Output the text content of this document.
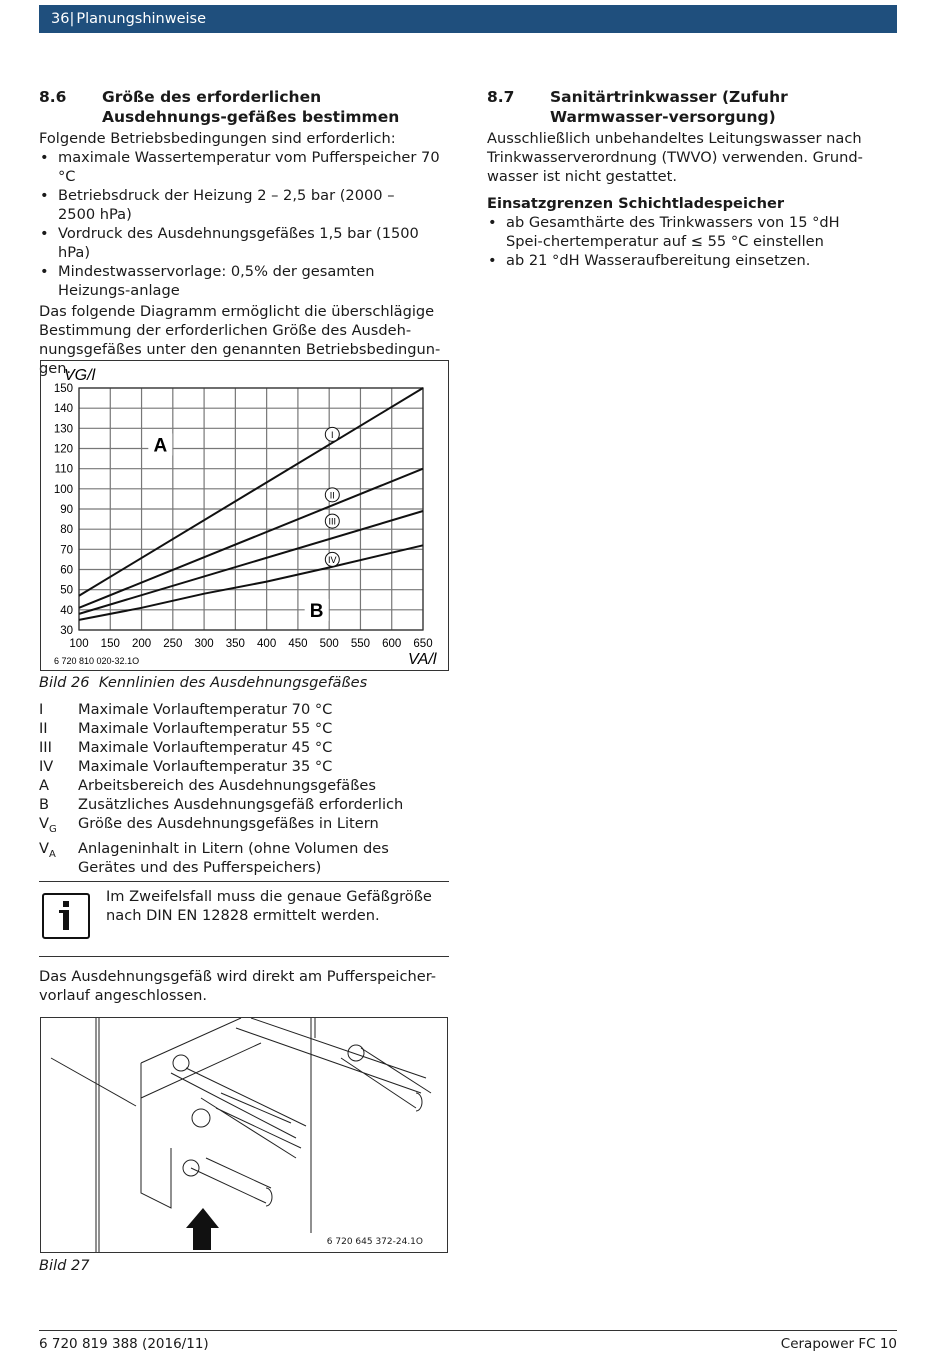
36| Planungshinweise
8.6	Größe des erforderlichen Ausdehnungs-gefäßes bestimmen

Folgende Betriebsbedingungen sind erforderlich:

• maximale Wassertemperatur vom Pufferspeicher 70 °C
• Betriebsdruck der Heizung 2 – 2,5 bar (2000 – 2500 hPa)
• Vordruck des Ausdehnungsgefäßes 1,5 bar (1500 hPa)
• Mindestwasservorlage: 0,5% der gesamten Heizungs-anlage

Das folgende Diagramm ermöglicht die überschlägige Bestimmung der erforderlichen Größe des Ausdeh-nungsgefäßes unter den genannten Betriebsbedingun-gen.

100 150 200 250 300 350 400 450 500 550 600 650
150
140
130
120
110
100
90
80
70
60
50
40
30
I
II
III
IV
A
B
VG/l
VA/l
6 720 810 020-32.1O
Bild 26 Kennlinien des Ausdehnungsgefäßes
I	Maximale Vorlauftemperatur 70 °C
II	Maximale Vorlauftemperatur 55 °C
III	Maximale Vorlauftemperatur 45 °C
IV	Maximale Vorlauftemperatur 35 °C
A	Arbeitsbereich des Ausdehnungsgefäßes
B	Zusätzliches Ausdehnungsgefäß erforderlich
$V_G$	Größe des Ausdehnungsgefäßes in Litern
$V_A$	Anlageninhalt in Litern (ohne Volumen des Gerätes und des Pufferspeichers)

Im Zweifelsfall muss die genaue Gefäßgröße nach DIN EN 12828 ermittelt werden.

Das Ausdehnungsgefäß wird direkt am Pufferspeicher-vorlauf angeschlossen.

6 720 645 372-24.1O
Bild 27
8.7	Sanitärtrinkwasser (Zufuhr Warmwasser-versorgung)

Ausschließlich unbehandeltes Leitungswasser nach Trinkwasserverordnung (TWVO) verwenden. Grund-wasser ist nicht gestattet.

Einsatzgrenzen Schichtladespeicher

• ab Gesamthärte des Trinkwassers von 15 °dH Spei-chertemperatur auf ≤ 55 °C einstellen
• ab 21 °dH Wasseraufbereitung einsetzen.
6 720 819 388 (2016/11)	Cerapower FC 10
